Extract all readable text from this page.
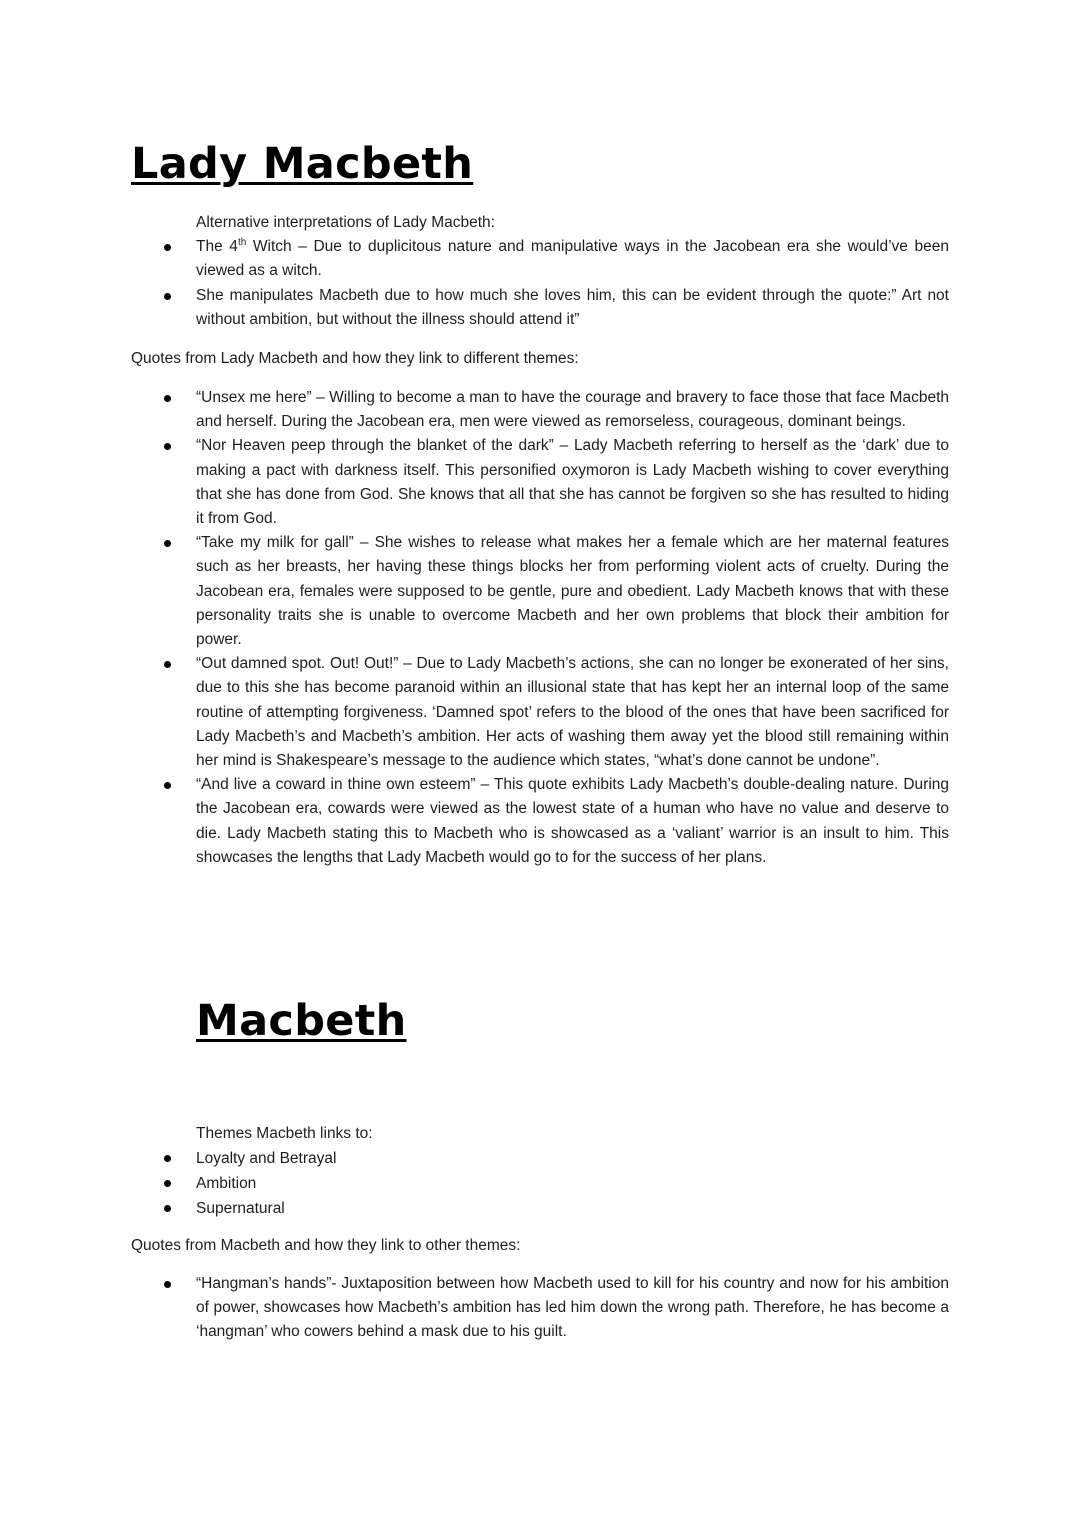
Lady Macbeth

Alternative interpretations of Lady Macbeth:

The 4th Witch – Due to duplicitous nature and manipulative ways in the Jacobean era she would’ve been viewed as a witch.
She manipulates Macbeth due to how much she loves him, this can be evident through the quote:” Art not without ambition, but without the illness should attend it”

Quotes from Lady Macbeth and how they link to different themes:

“Unsex me here” – Willing to become a man to have the courage and bravery to face those that face Macbeth and herself. During the Jacobean era, men were viewed as remorseless, courageous, dominant beings.
“Nor Heaven peep through the blanket of the dark” – Lady Macbeth referring to herself as the ‘dark’ due to making a pact with darkness itself. This personified oxymoron is Lady Macbeth wishing to cover everything that she has done from God. She knows that all that she has cannot be forgiven so she has resulted to hiding it from God.
“Take my milk for gall” – She wishes to release what makes her a female which are her maternal features such as her breasts, her having these things blocks her from performing violent acts of cruelty. During the Jacobean era, females were supposed to be gentle, pure and obedient. Lady Macbeth knows that with these personality traits she is unable to overcome Macbeth and her own problems that block their ambition for power.
“Out damned spot. Out! Out!” – Due to Lady Macbeth’s actions, she can no longer be exonerated of her sins, due to this she has become paranoid within an illusional state that has kept her an internal loop of the same routine of attempting forgiveness. ‘Damned spot’ refers to the blood of the ones that have been sacrificed for Lady Macbeth’s and Macbeth’s ambition. Her acts of washing them away yet the blood still remaining within her mind is Shakespeare’s message to the audience which states, “what’s done cannot be undone”.
“And live a coward in thine own esteem” – This quote exhibits Lady Macbeth’s double-dealing nature. During the Jacobean era, cowards were viewed as the lowest state of a human who have no value and deserve to die. Lady Macbeth stating this to Macbeth who is showcased as a ‘valiant’ warrior is an insult to him. This showcases the lengths that Lady Macbeth would go to for the success of her plans.
Macbeth

Themes Macbeth links to:

Loyalty and Betrayal
Ambition
Supernatural

Quotes from Macbeth and how they link to other themes:

“Hangman’s hands”- Juxtaposition between how Macbeth used to kill for his country and now for his ambition of power, showcases how Macbeth’s ambition has led him down the wrong path. Therefore, he has become a ‘hangman’ who cowers behind a mask due to his guilt.
